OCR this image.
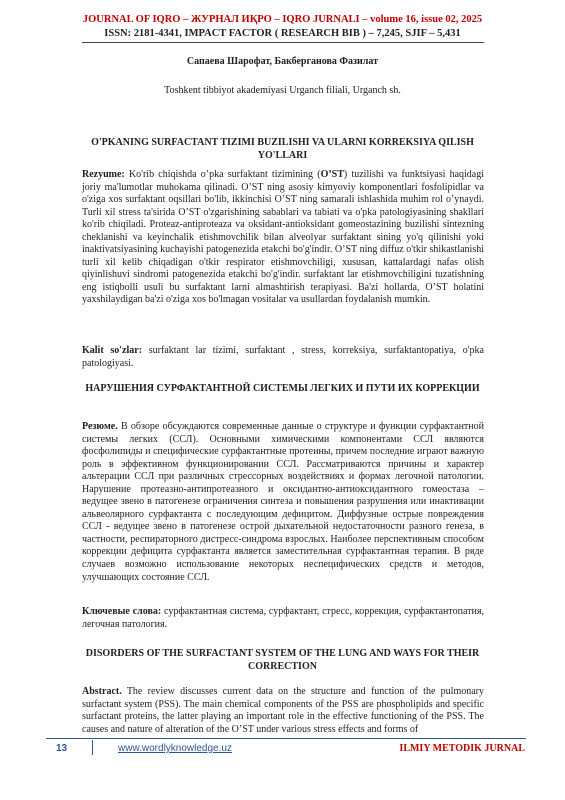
JOURNAL OF IQRO – ЖУРНАЛ ИҚРО – IQRO JURNALI – volume 16, issue 02, 2025
ISSN: 2181-4341, IMPACT FACTOR ( RESEARCH BIB ) – 7,245, SJIF – 5,431
Сапаева Шарофат, Бакберганова Фазилат
Toshkent tibbiyot akademiyasi Urganch filiali, Urganch sh.
O'PKANING SURFACTANT TIZIMI BUZILISHI VA ULARNI KORREKSIYA QILISH YO'LLARI
Rezyume: Ko'rib chiqishda o’pka surfaktant tizimining (O’ST) tuzilishi va funktsiyasi haqidagi joriy ma'lumotlar muhokama qilinadi. O’ST ning asosiy kimyoviy komponentlari fosfolipidlar va o'ziga xos surfaktant oqsillari bo'lib, ikkinchisi O’ST ning samarali ishlashida muhim rol o’ynaydi. Turli xil stress ta'sirida O’ST o'zgarishining sabablari va tabiati va o'pka patologiyasining shakllari ko'rib chiqiladi. Proteaz-antiproteaza va oksidant-antioksidant gomeostazining buzilishi sintezning cheklanishi va keyinchalik etishmovchilik bilan alveolyar surfaktant sining yo'q qilinishi yoki inaktivatsiyasining kuchayishi patogenezida etakchi bo'g'indir. O’ST ning diffuz o'tkir shikastlanishi turli xil kelib chiqadigan o'tkir respirator etishmovchiligi, xususan, kattalardagi nafas olish qiyinlishuvi sindromi patogenezida etakchi bo'g'indir. surfaktant lar etishmovchiligini tuzatishning eng istiqbolli usuli bu surfaktant larni almashtirish terapiyasi. Ba'zi hollarda, O’ST holatini yaxshilaydigan ba'zi o'ziga xos bo'lmagan vositalar va usullardan foydalanish mumkin.
Kalit so'zlar: surfaktant lar tizimi, surfaktant , stress, korreksiya, surfaktantopatiya, o'pka patologiyasi.
НАРУШЕНИЯ СУРФАКТАНТНОЙ СИСТЕМЫ ЛЕГКИХ И ПУТИ ИХ КОРРЕКЦИИ
Резюме. В обзоре обсуждаются современные данные о структуре и функции сурфактантной системы легких (ССЛ). Основными химическими компонентами ССЛ являются фосфолипиды и специфические сурфактантные протеины, причем последние играют важную роль в эффективном функционировании ССЛ. Рассматриваются причины и характер альтерации ССЛ при различных стрессорных воздействиях и формах легочной патологии. Нарушение протеазно-антипротеазного и оксидантно-антиоксидантного гомеостаза – ведущее звено в патогенезе ограничения синтеза и повышения разрушения или инактивации альвеолярного сурфактанта с последующим дефицитом. Диффузные острые повреждения ССЛ - ведущее звено в патогенезе острой дыхательной недостаточности разного генеза, в частности, респираторного дистресс-синдрома взрослых. Наиболее перспективным способом коррекции дефицита сурфактанта является заместительная сурфактантная терапия. В ряде случаев возможно использование некоторых неспецифических средств и методов, улучшающих состояние ССЛ.
Ключевые слова: сурфактантная система, сурфактант, стресс, коррекция, сурфактантопатия, легочная патология.
DISORDERS OF THE SURFACTANT SYSTEM OF THE LUNG AND WAYS FOR THEIR CORRECTION
Abstract. The review discusses current data on the structure and function of the pulmonary surfactant system (PSS). The main chemical components of the PSS are phospholipids and specific surfactant proteins, the latter playing an important role in the effective functioning of the PSS. The causes and nature of alteration of the O’ST under various stress effects and forms of
13	www.wordlyknowledge.uz	ILMIY METODIK JURNAL
